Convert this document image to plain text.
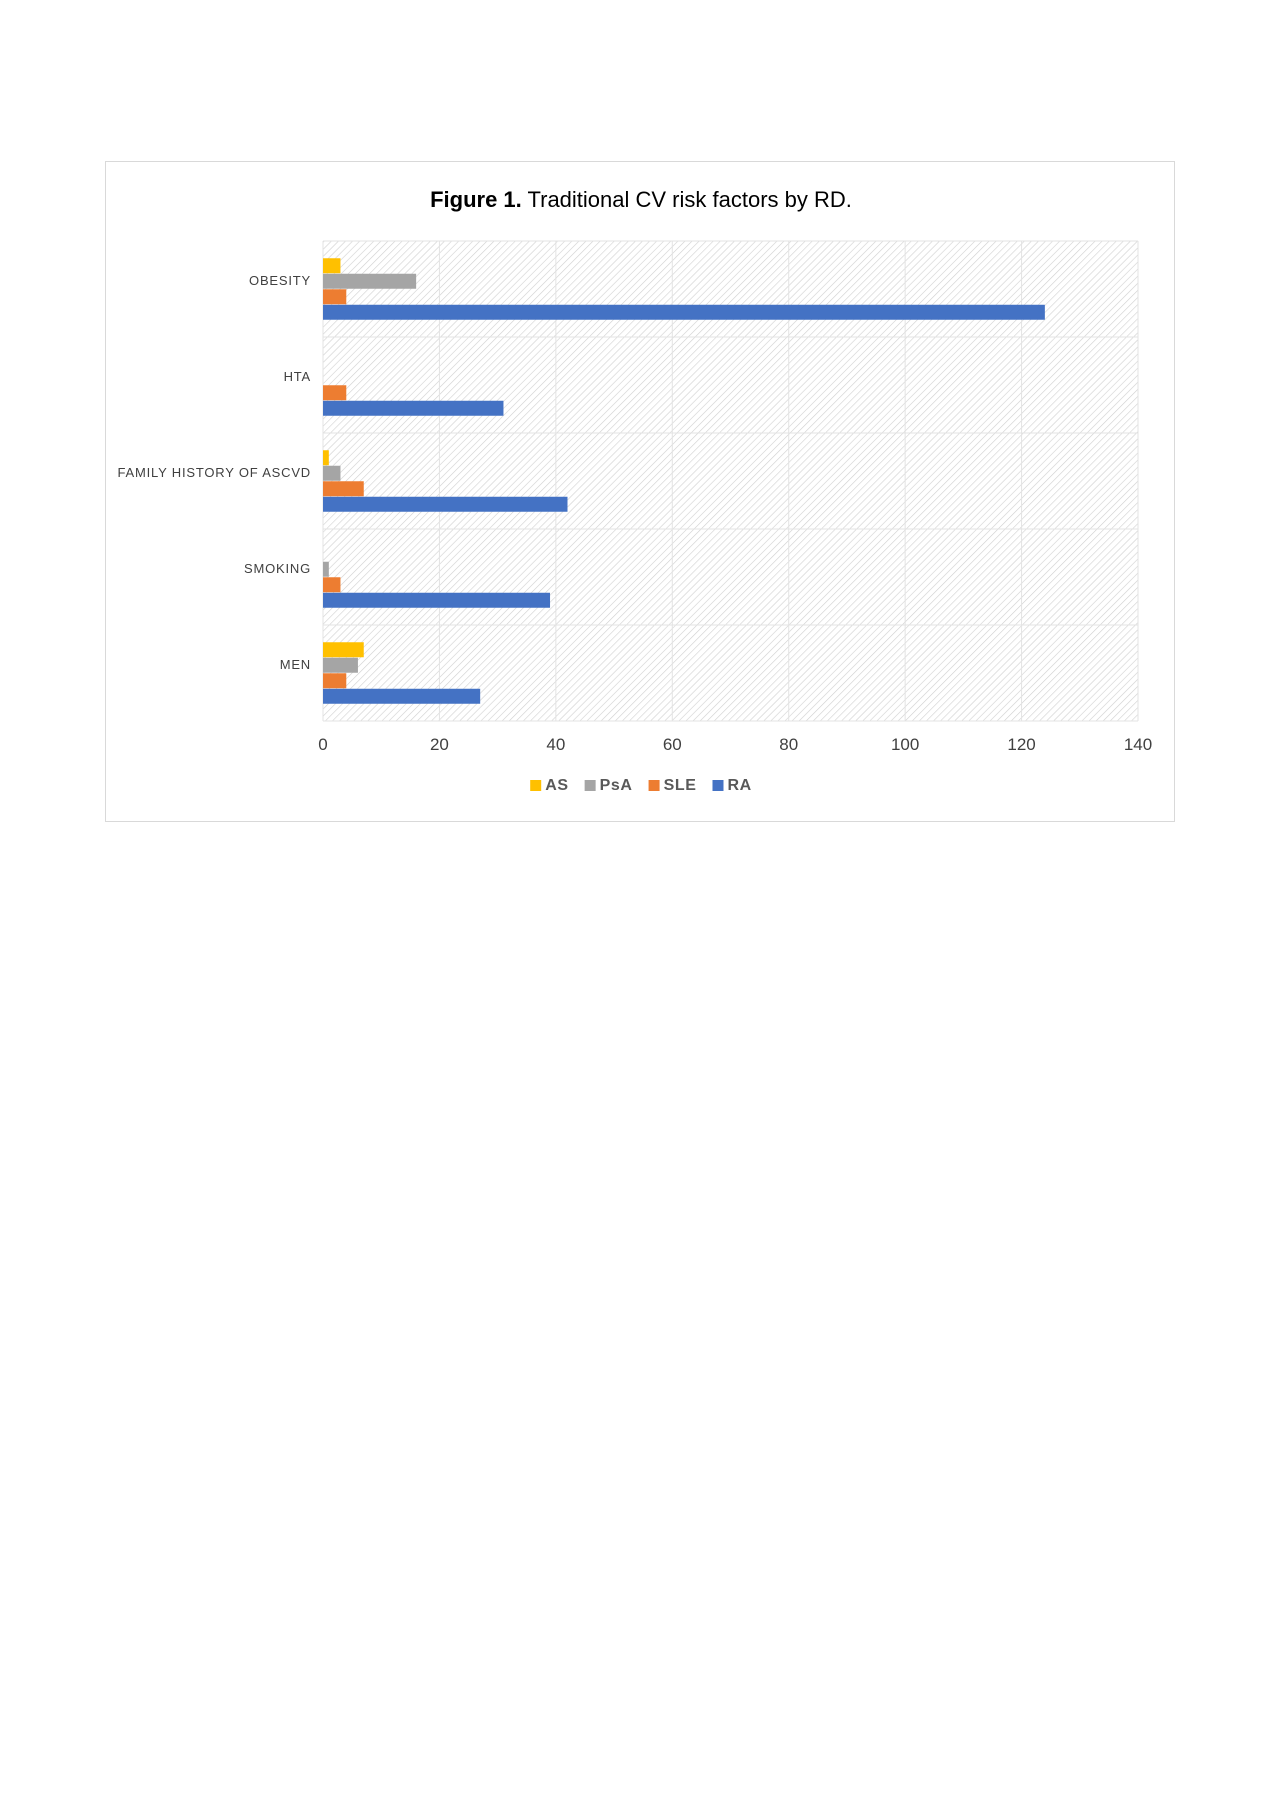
Figure 1. Traditional CV risk factors by RD.
OBESITY
HTA
FAMILY HISTORY OF ASCVD
SMOKING
MEN
0	20	40	60	80	100	120	140
AS PsA SLE RA
